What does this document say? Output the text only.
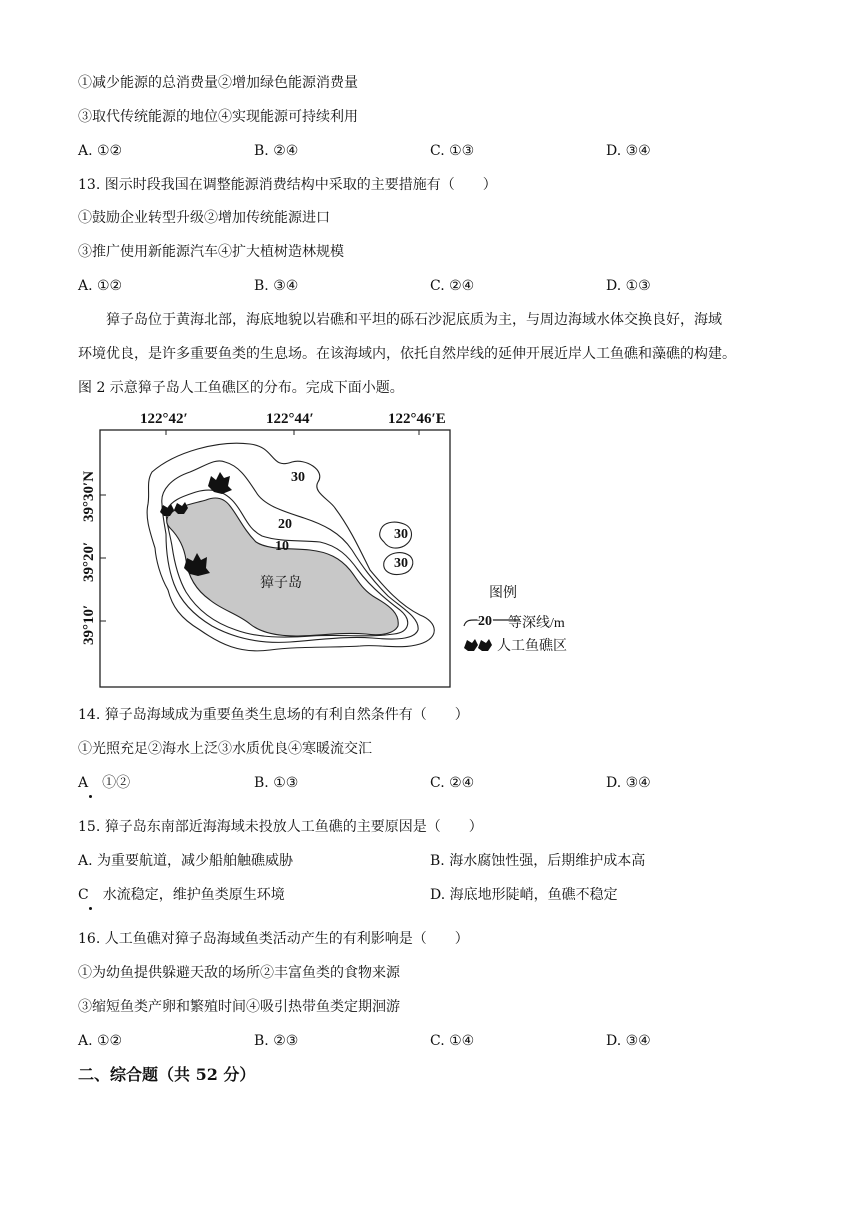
①减少能源的总消费量②增加绿色能源消费量
③取代传统能源的地位④实现能源可持续利用
A. ①②	B. ②④	C. ①③	D. ③④
13. 图示时段我国在调整能源消费结构中采取的主要措施有（　　）
①鼓励企业转型升级②增加传统能源进口
③推广使用新能源汽车④扩大植树造林规模
A. ①②	B. ③④	C. ②④	D. ①③
　　獐子岛位于黄海北部，海底地貌以岩礁和平坦的砾石沙泥底质为主，与周边海域水体交换良好，海域
环境优良，是许多重要鱼类的生息场。在该海域内，依托自然岸线的延伸开展近岸人工鱼礁和藻礁的构建。
图 2 示意獐子岛人工鱼礁区的分布。完成下面小题。
122°42′	122°44′	122°46′E
39°30′N
39°20′
39°10′
30
20
10
30
30
獐子岛
图例
20 等深线/m
人工鱼礁区
14. 獐子岛海域成为重要鱼类生息场的有利自然条件有（　　）
①光照充足②海水上泛③水质优良④寒暖流交汇
A　①②	B. ①③	C. ②④	D. ③④
15. 獐子岛东南部近海海域未投放人工鱼礁的主要原因是（　　）
A. 为重要航道，减少船舶触礁威胁	B. 海水腐蚀性强，后期维护成本高
C　水流稳定，维护鱼类原生环境	D. 海底地形陡峭，鱼礁不稳定
16. 人工鱼礁对獐子岛海域鱼类活动产生的有利影响是（　　）
①为幼鱼提供躲避天敌的场所②丰富鱼类的食物来源
③缩短鱼类产卵和繁殖时间④吸引热带鱼类定期洄游
A. ①②	B. ②③	C. ①④	D. ③④
二、综合题（共 52 分）
